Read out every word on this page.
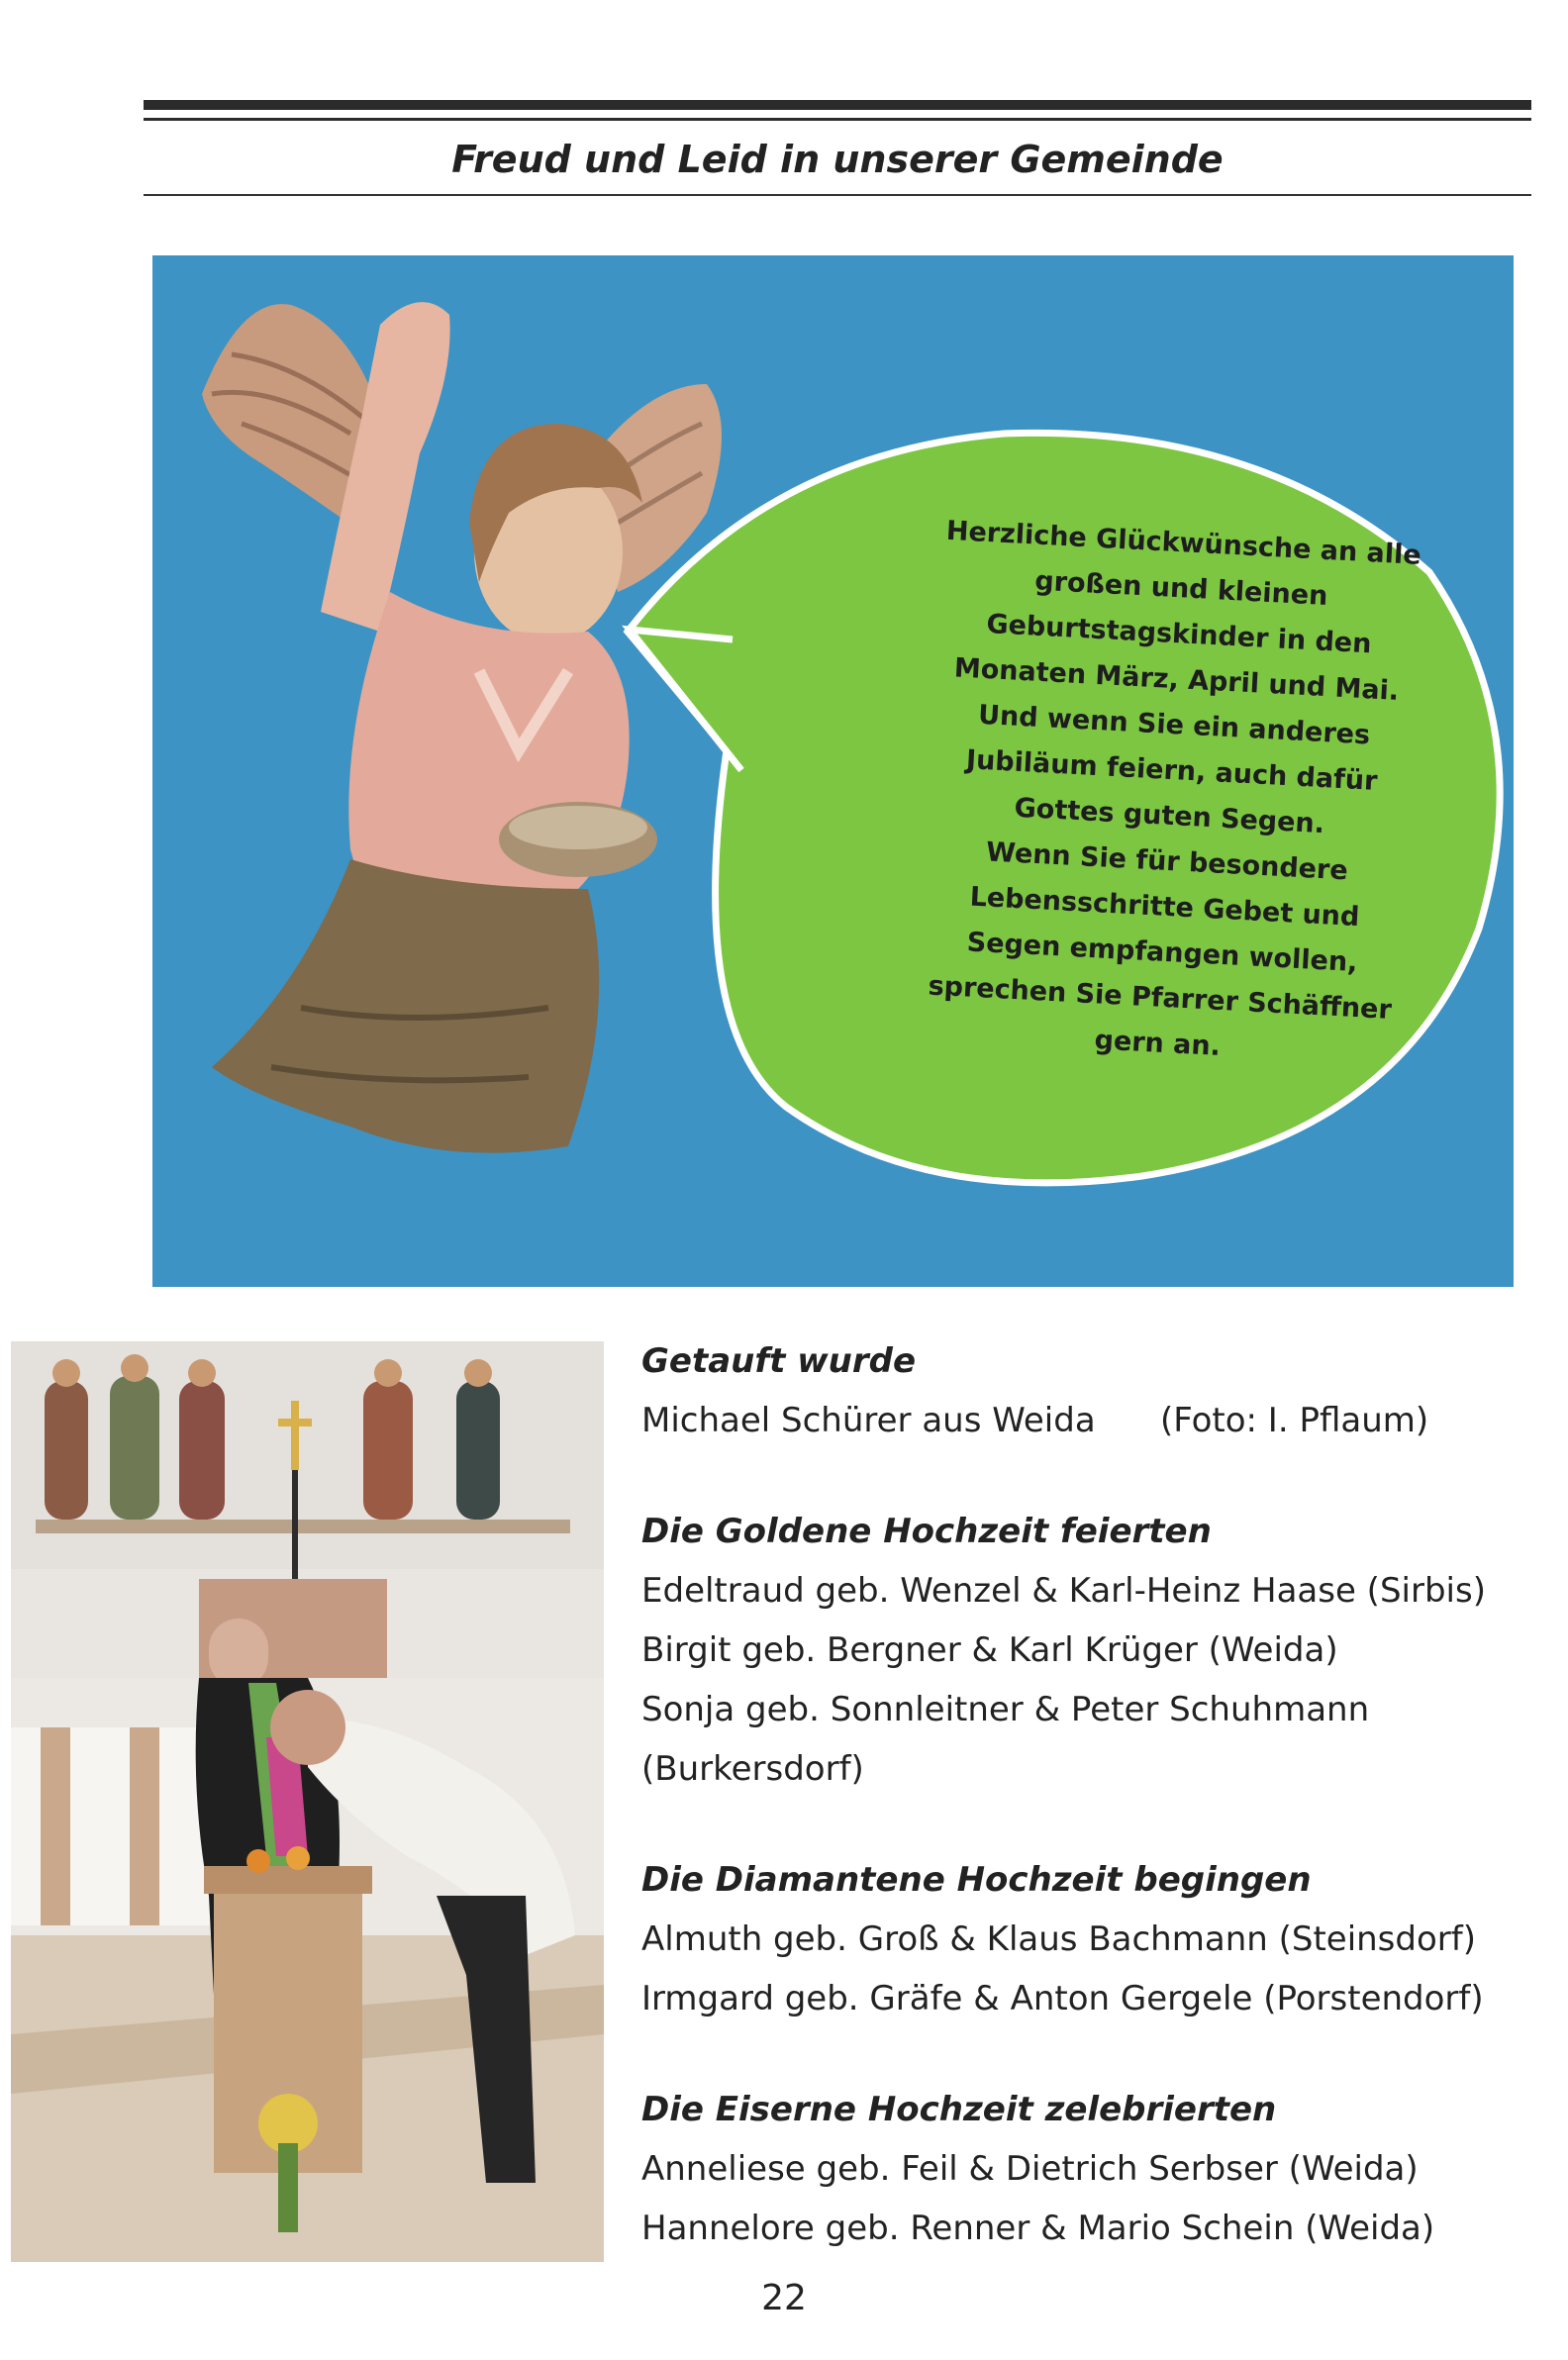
Freud und Leid in unserer Gemeinde
Herzliche Glückwünsche an alle
großen und kleinen
Geburtstagskinder in den
Monaten März, April und Mai.
Und wenn Sie ein anderes
Jubiläum feiern, auch dafür
Gottes guten Segen.
Wenn Sie für besondere
Lebensschritte Gebet und
Segen empfangen wollen,
sprechen Sie Pfarrer Schäffner
gern an.
Getauft wurde
Michael Schürer aus Weida (Foto: I. Pflaum)
Die Goldene Hochzeit feierten
Edeltraud geb. Wenzel & Karl-Heinz Haase (Sirbis)
Birgit geb. Bergner & Karl Krüger (Weida)
Sonja geb. Sonnleitner & Peter Schuhmann
(Burkersdorf)
Die Diamantene Hochzeit begingen
Almuth geb. Groß & Klaus Bachmann (Steinsdorf)
Irmgard geb. Gräfe & Anton Gergele (Porstendorf)
Die Eiserne Hochzeit zelebrierten
Anneliese geb. Feil & Dietrich Serbser (Weida)
Hannelore geb. Renner & Mario Schein (Weida)
22
